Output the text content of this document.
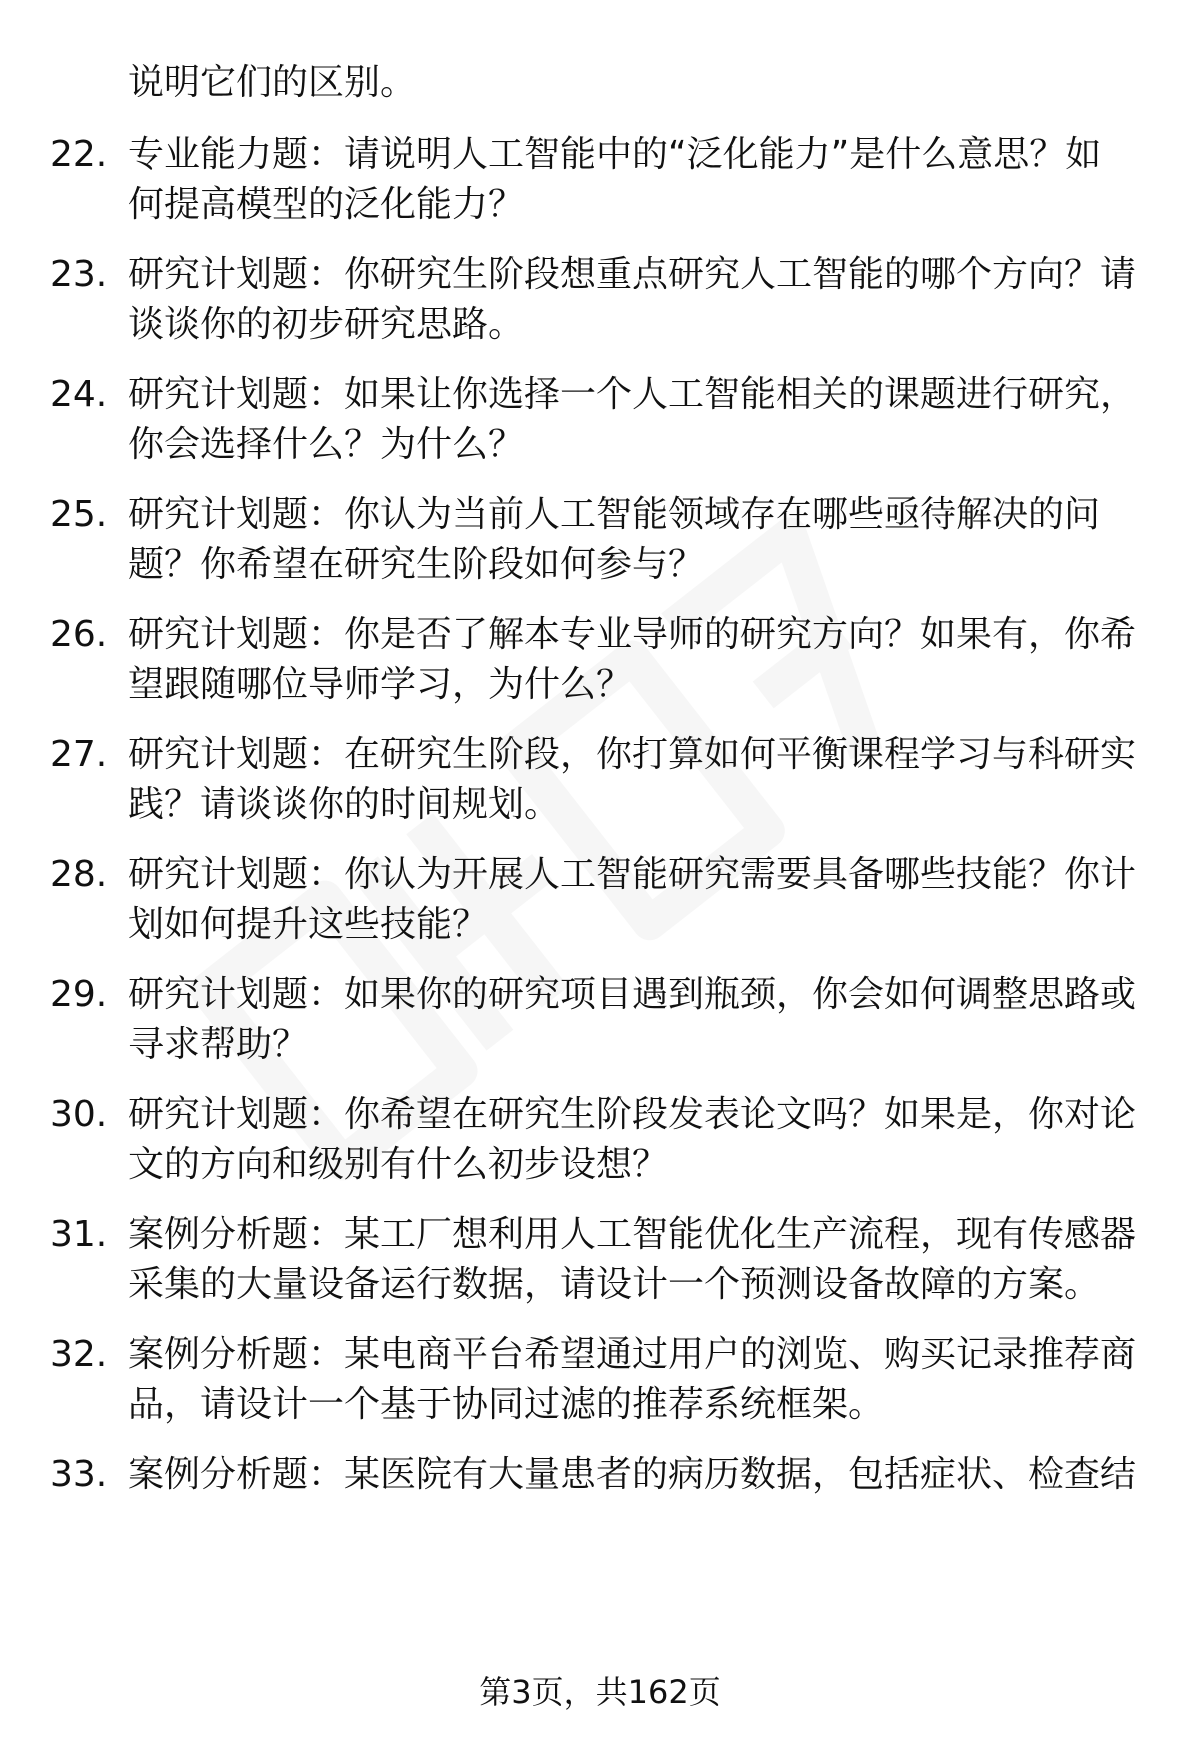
说明它们的区别。
22. 专业能力题：请说明人工智能中的“泛化能力”是什么意思？如
何提高模型的泛化能力？
23. 研究计划题：你研究生阶段想重点研究人工智能的哪个方向？请
谈谈你的初步研究思路。
24. 研究计划题：如果让你选择一个人工智能相关的课题进行研究，
你会选择什么？为什么？
25. 研究计划题：你认为当前人工智能领域存在哪些亟待解决的问
题？你希望在研究生阶段如何参与？
26. 研究计划题：你是否了解本专业导师的研究方向？如果有，你希
望跟随哪位导师学习，为什么？
27. 研究计划题：在研究生阶段，你打算如何平衡课程学习与科研实
践？请谈谈你的时间规划。
28. 研究计划题：你认为开展人工智能研究需要具备哪些技能？你计
划如何提升这些技能？
29. 研究计划题：如果你的研究项目遇到瓶颈，你会如何调整思路或
寻求帮助？
30. 研究计划题：你希望在研究生阶段发表论文吗？如果是，你对论
文的方向和级别有什么初步设想？
31. 案例分析题：某工厂想利用人工智能优化生产流程，现有传感器
采集的大量设备运行数据，请设计一个预测设备故障的方案。
32. 案例分析题：某电商平台希望通过用户的浏览、购买记录推荐商
品，请设计一个基于协同过滤的推荐系统框架。
33. 案例分析题：某医院有大量患者的病历数据，包括症状、检查结
第3页，共162页
